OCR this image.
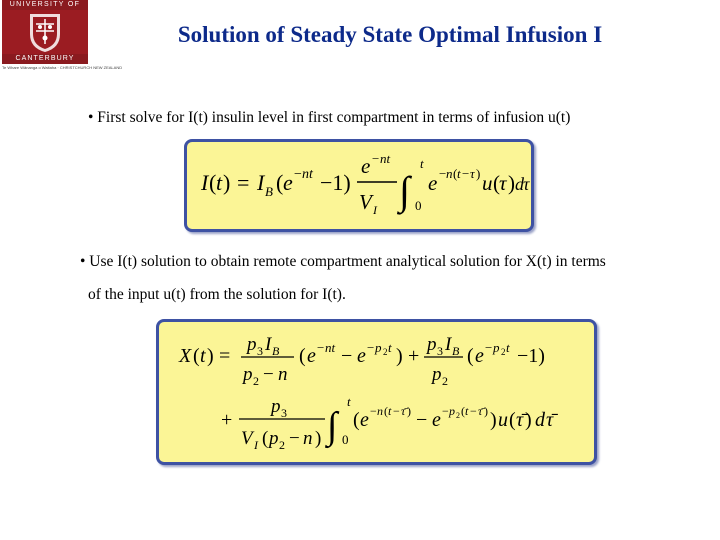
UNIVERSITY OF
CANTERBURY
Te Whare Wānanga o Waitaha · CHRISTCHURCH NEW ZEALAND
Solution of Steady State Optimal Infusion I
• First solve for I(t) insulin level in first compartment in terms of infusion u(t)
I ( t ) = I B ( e − nt −1)
e − nt
V I ∫
t
0
e − n ( t − τ ) u ( τ ) d τ
• Use I(t) solution to obtain remote compartment analytical solution for X(t) in terms
of the input u(t) from the solution for I(t).
X ( t ) =
p 3 I B
p 2 − n
( e − nt − e − p 2 t ) +
p 3 I B
p 2
( e − p 2 t −1)
+
p 3
V I ( p 2 − n ) ∫
t
0
( e − n ( t − τ̄ ) − e − p 2 ( t − τ̄ ) ) u ( τ̄ ) d τ̄
